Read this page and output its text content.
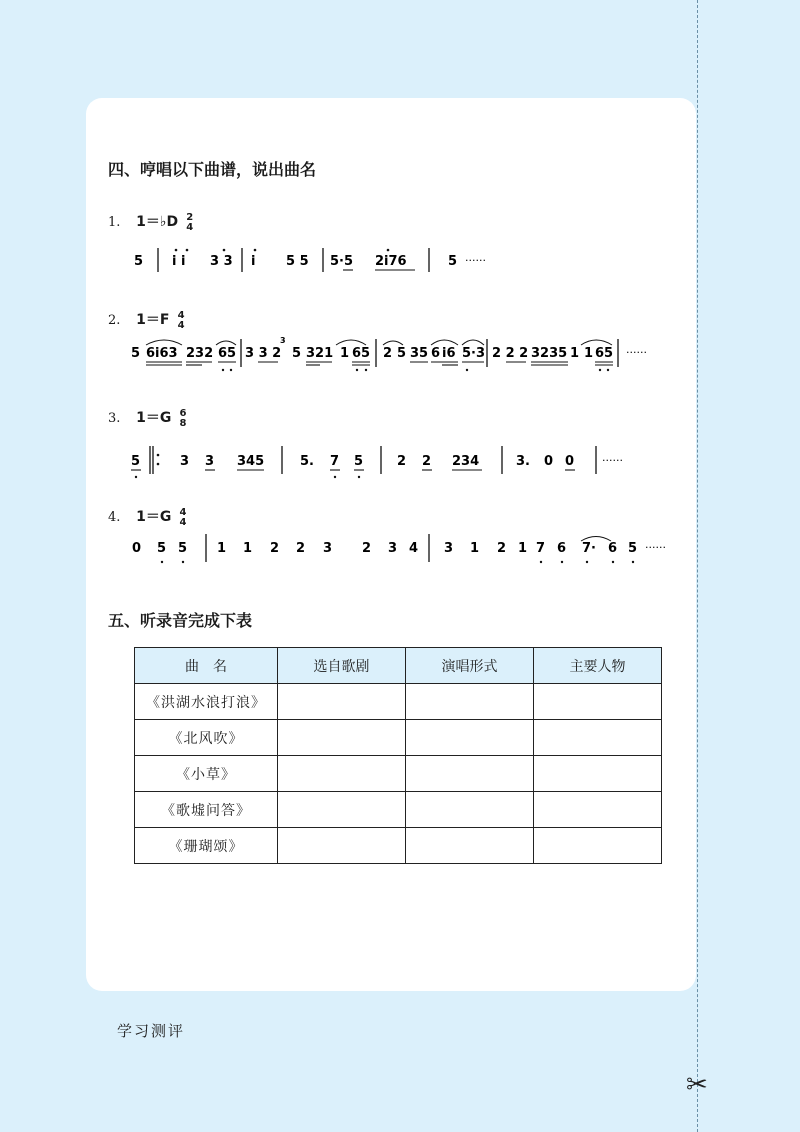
✂
四、哼唱以下曲谱，说出曲名
1. 1＝♭D 2
4
5 i i 3 3 i 5 5 5·5 2i76	5 ······
2. 1＝F 4
4
5 6i63 232 65 3 3 2
3
5 321 1 65 2 5 35 6 i6 5·3 2 2 2 3235 1 1 65 ······
3. 1＝G 6
8
5	3 3 345	5. 7 5	2 2 234	3. 0 0	······
4. 1＝G 4
4
0 5 5 1 1 2 2 3 2 3 4 3 1 2 1 7 6 7· 6 5 ······
五、听录音完成下表
曲　名	选自歌剧	演唱形式	主要人物
《洪湖水浪打浪》			
《北风吹》			
《小草》			
《歌墟问答》			
《珊瑚颂》			
学习测评
